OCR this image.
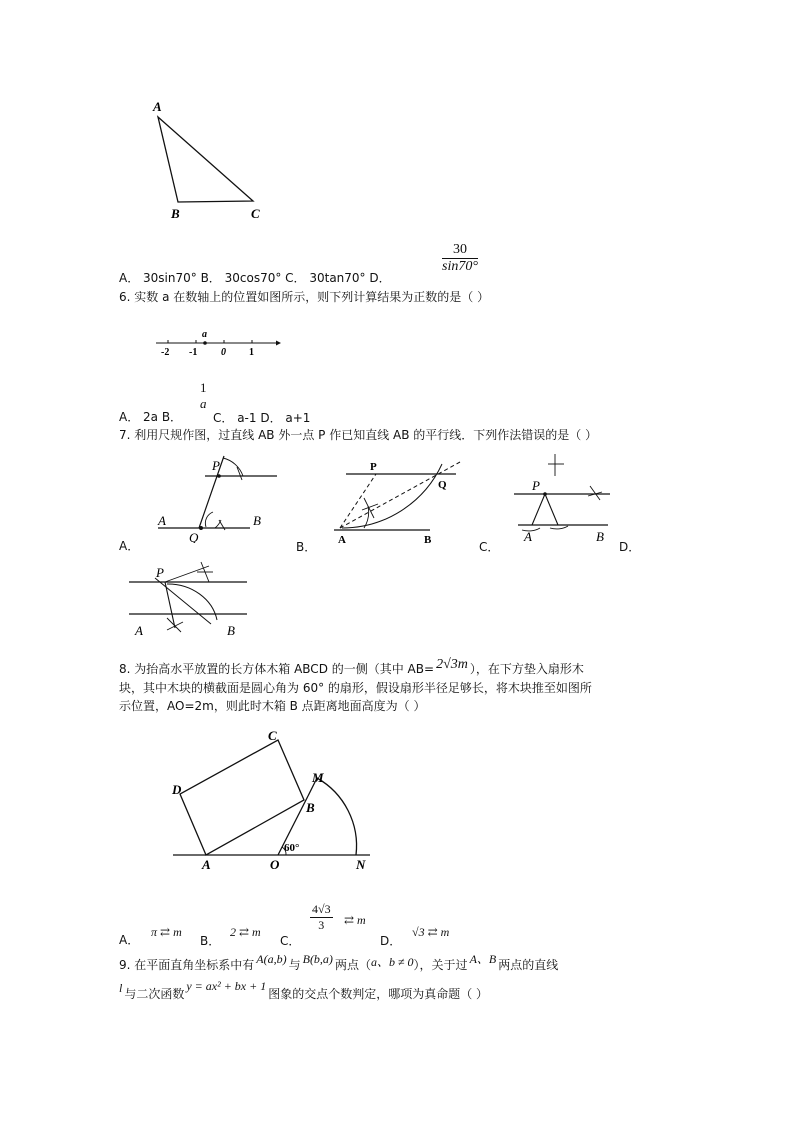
A
B	C
A． 30sin70° B． 30cos70° C． 30tan70° D．
$\frac{30}{\sin 70^\circ}$
6. 实数 a 在数轴上的位置如图所示，则下列计算结果为正数的是（ ）
a
-2 -1 0 1
A． 2a B．
1
a
C． a-1 D． a+1
7. 利用尺规作图，过直线 AB 外一点 P 作已知直线 AB 的平行线．下列作法错误的是（ ）
P
A
Q
B
A．
P
Q
A	B
B．
P
A	B
C．	D．
P
A	B
8. 为抬高水平放置的长方体木箱 ABCD 的一侧（其中 AB= 2√3m ），在下方垫入扇形木
块，其中木块的横截面是圆心角为 60° 的扇形，假设扇形半径足够长，将木块推至如图所
示位置，AO=2m，则此时木箱 B 点距离地面高度为（ ）
C
D
M
B
A	O	N
60°
A．
π ⇄ m
B．
2 ⇄ m
C．
$\frac{4√3}{3}$ ⇄ m
D．
√3 ⇄ m
9. 在平面直角坐标系中有 A(a,b) 与 B(b,a) 两点（a、b ≠ 0），关于过 A、B 两点的直线
l 与二次函数y = ax² + bx + 1图象的交点个数判定，哪项为真命题（ ）
